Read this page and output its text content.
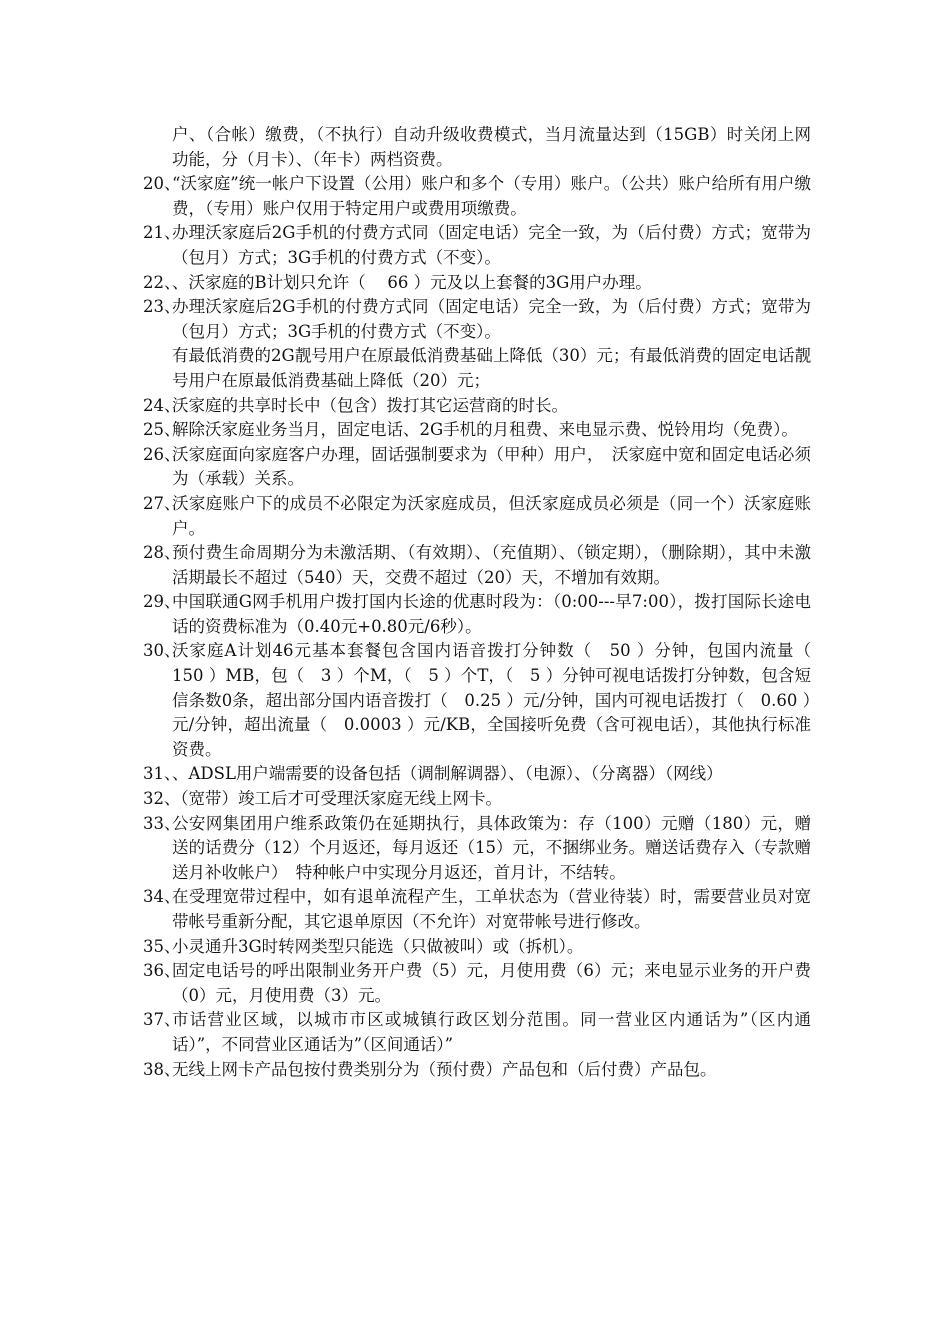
户、（合帐）缴费，（不执行）自动升级收费模式，当月流量达到（15GB）时关闭上网功能，分（月卡）、（年卡）两档资费。

20、
“沃家庭”统一帐户下设置（公用）账户和多个（专用）账户。（公共）账户给所有用户缴费，（专用）账户仅用于特定用户或费用项缴费。
21、
办理沃家庭后2G手机的付费方式同（固定电话）完全一致，为（后付费）方式；宽带为（包月）方式；3G手机的付费方式（不变）。
22、
、沃家庭的B计划只允许（　 66 ）元及以上套餐的3G用户办理。
23、
办理沃家庭后2G手机的付费方式同（固定电话）完全一致，为（后付费）方式；宽带为（包月）方式；3G手机的付费方式（不变）。

有最低消费的2G靓号用户在原最低消费基础上降低（30）元；有最低消费的固定电话靓号用户在原最低消费基础上降低（20）元；

24、
沃家庭的共享时长中（包含）拨打其它运营商的时长。
25、
解除沃家庭业务当月，固定电话、2G手机的月租费、来电显示费、悦铃用均（免费）。
26、
沃家庭面向家庭客户办理，固话强制要求为（甲种）用户，　沃家庭中宽和固定电话必须为（承载）关系。
27、
沃家庭账户下的成员不必限定为沃家庭成员，但沃家庭成员必须是（同一个）沃家庭账户。
28、
预付费生命周期分为未激活期、（有效期）、（充值期）、（锁定期），（删除期），其中未激活期最长不超过（540）天，交费不超过（20）天，不增加有效期。
29、
中国联通G网手机用户拨打国内长途的优惠时段为：（0:00---早7:00），拨打国际长途电话的资费标准为（0.40元+0.80元/6秒）。
30、
沃家庭A计划46元基本套餐包含国内语音拨打分钟数（　50 ）分钟，包国内流量（　150 ）MB，包（　3 ）个M，（　5 ）个T，（　5 ）分钟可视电话拨打分钟数，包含短信条数0条，超出部分国内语音拨打（　0.25 ）元/分钟，国内可视电话拨打（　0.60 ）元/分钟，超出流量（　0.0003 ）元/KB，全国接听免费（含可视电话），其他执行标准资费。
31、
、ADSL用户端需要的设备包括（调制解调器）、（电源）、（分离器）（网线）
32、
（宽带）竣工后才可受理沃家庭无线上网卡。
33、
公安网集团用户维系政策仍在延期执行，具体政策为：存（100）元赠（180）元，赠送的话费分（12）个月返还，每月返还（15）元，不捆绑业务。赠送话费存入（专款赠送月补收帐户）　特种帐户中实现分月返还，首月计，不结转。
34、
在受理宽带过程中，如有退单流程产生，工单状态为（营业待装）时，需要营业员对宽带帐号重新分配，其它退单原因（不允许）对宽带帐号进行修改。
35、
小灵通升3G时转网类型只能选（只做被叫）或（拆机）。
36、
固定电话号的呼出限制业务开户费（5）元，月使用费（6）元；来电显示业务的开户费（0）元，月使用费（3）元。
37、
市话营业区域，以城市市区或城镇行政区划分范围。同一营业区内通话为”（区内通话）”，不同营业区通话为”（区间通话）”
38、
无线上网卡产品包按付费类别分为（预付费）产品包和（后付费）产品包。
